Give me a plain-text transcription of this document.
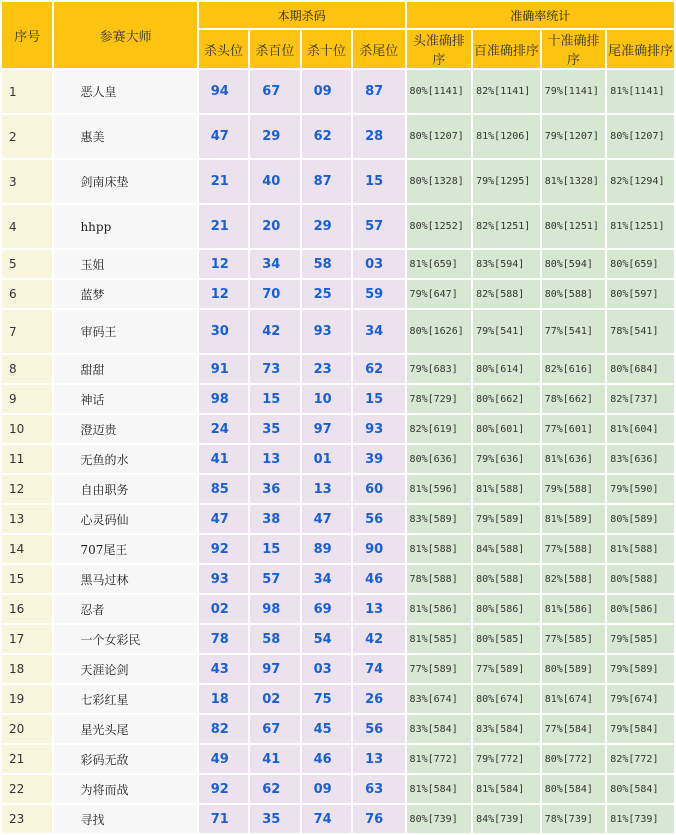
序号	参赛大师	本期杀码				准确率统计			
		杀头位	杀百位	杀十位	杀尾位	头准确排序	百准确排序	十准确排序	尾准确排序
1	恶人皇	94	67	09	87	80%[1141]	82%[1141]	79%[1141]	81%[1141]
2	惠美	47	29	62	28	80%[1207]	81%[1206]	79%[1207]	80%[1207]
3	剑南床垫	21	40	87	15	80%[1328]	79%[1295]	81%[1328]	82%[1294]
4	hhpp	21	20	29	57	80%[1252]	82%[1251]	80%[1251]	81%[1251]
5	玉姐	12	34	58	03	81%[659]	83%[594]	80%[594]	80%[659]
6	蓝梦	12	70	25	59	79%[647]	82%[588]	80%[588]	80%[597]
7	审码王	30	42	93	34	80%[1626]	79%[541]	77%[541]	78%[541]
8	甜甜	91	73	23	62	79%[683]	80%[614]	82%[616]	80%[684]
9	神话	98	15	10	15	78%[729]	80%[662]	78%[662]	82%[737]
10	澄迈贵	24	35	97	93	82%[619]	80%[601]	77%[601]	81%[604]
11	无鱼的水	41	13	01	39	80%[636]	79%[636]	81%[636]	83%[636]
12	自由职务	85	36	13	60	81%[596]	81%[588]	79%[588]	79%[590]
13	心灵码仙	47	38	47	56	83%[589]	79%[589]	81%[589]	80%[589]
14	707尾王	92	15	89	90	81%[588]	84%[588]	77%[588]	81%[588]
15	黑马过林	93	57	34	46	78%[588]	80%[588]	82%[588]	80%[588]
16	忍者	02	98	69	13	81%[586]	80%[586]	81%[586]	80%[586]
17	一个女彩民	78	58	54	42	81%[585]	80%[585]	77%[585]	79%[585]
18	天涯论剑	43	97	03	74	77%[589]	77%[589]	80%[589]	79%[589]
19	七彩红星	18	02	75	26	83%[674]	80%[674]	81%[674]	79%[674]
20	星光头尾	82	67	45	56	83%[584]	83%[584]	77%[584]	79%[584]
21	彩码无敌	49	41	46	13	81%[772]	79%[772]	80%[772]	82%[772]
22	为将而战	92	62	09	63	81%[584]	81%[584]	80%[584]	80%[584]
23	寻找	71	35	74	76	80%[739]	84%[739]	78%[739]	81%[739]
